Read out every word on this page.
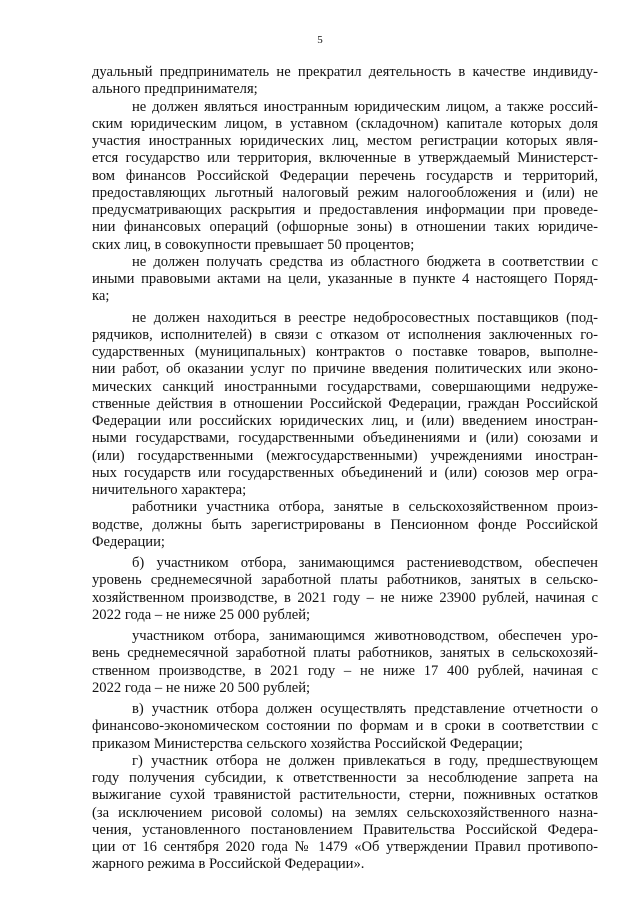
5
дуальный предприниматель не прекратил деятельность в качестве индивиду-
ального предпринимателя;
не должен являться иностранным юридическим лицом, а также россий-
ским юридическим лицом, в уставном (складочном) капитале которых доля
участия иностранных юридических лиц, местом регистрации которых явля-
ется государство или территория, включенные в утверждаемый Министерст-
вом финансов Российской Федерации перечень государств и территорий,
предоставляющих льготный налоговый режим налогообложения и (или) не
предусматривающих раскрытия и предоставления информации при проведе-
нии финансовых операций (офшорные зоны) в отношении таких юридиче-
ских лиц, в совокупности превышает 50 процентов;
не должен получать средства из областного бюджета в соответствии с
иными правовыми актами на цели, указанные в пункте 4 настоящего Поряд-
ка;
не должен находиться в реестре недобросовестных поставщиков (под-
рядчиков, исполнителей) в связи с отказом от исполнения заключенных го-
сударственных (муниципальных) контрактов о поставке товаров, выполне-
нии работ, об оказании услуг по причине введения политических или эконо-
мических санкций иностранными государствами, совершающими недруже-
ственные действия в отношении Российской Федерации, граждан Российской
Федерации или российских юридических лиц, и (или) введением иностран-
ными государствами, государственными объединениями и (или) союзами и
(или) государственными (межгосударственными) учреждениями иностран-
ных государств или государственных объединений и (или) союзов мер огра-
ничительного характера;
работники участника отбора, занятые в сельскохозяйственном произ-
водстве, должны быть зарегистрированы в Пенсионном фонде Российской
Федерации;
б) участником отбора, занимающимся растениеводством, обеспечен
уровень среднемесячной заработной платы работников, занятых в сельско-
хозяйственном производстве, в 2021 году – не ниже 23900 рублей, начиная с
2022 года – не ниже 25 000 рублей;
участником отбора, занимающимся животноводством, обеспечен уро-
вень среднемесячной заработной платы работников, занятых в сельскохозяй-
ственном производстве, в 2021 году – не ниже 17 400 рублей, начиная с
2022 года – не ниже 20 500 рублей;
в) участник отбора должен осуществлять представление отчетности о
финансово-экономическом состоянии по формам и в сроки в соответствии с
приказом Министерства сельского хозяйства Российской Федерации;
г) участник отбора не должен привлекаться в году, предшествующем
году получения субсидии, к ответственности за несоблюдение запрета на
выжигание сухой травянистой растительности, стерни, пожнивных остатков
(за исключением рисовой соломы) на землях сельскохозяйственного назна-
чения, установленного постановлением Правительства Российской Федера-
ции от 16 сентября 2020 года № 1479 «Об утверждении Правил противопо-
жарного режима в Российской Федерации».
